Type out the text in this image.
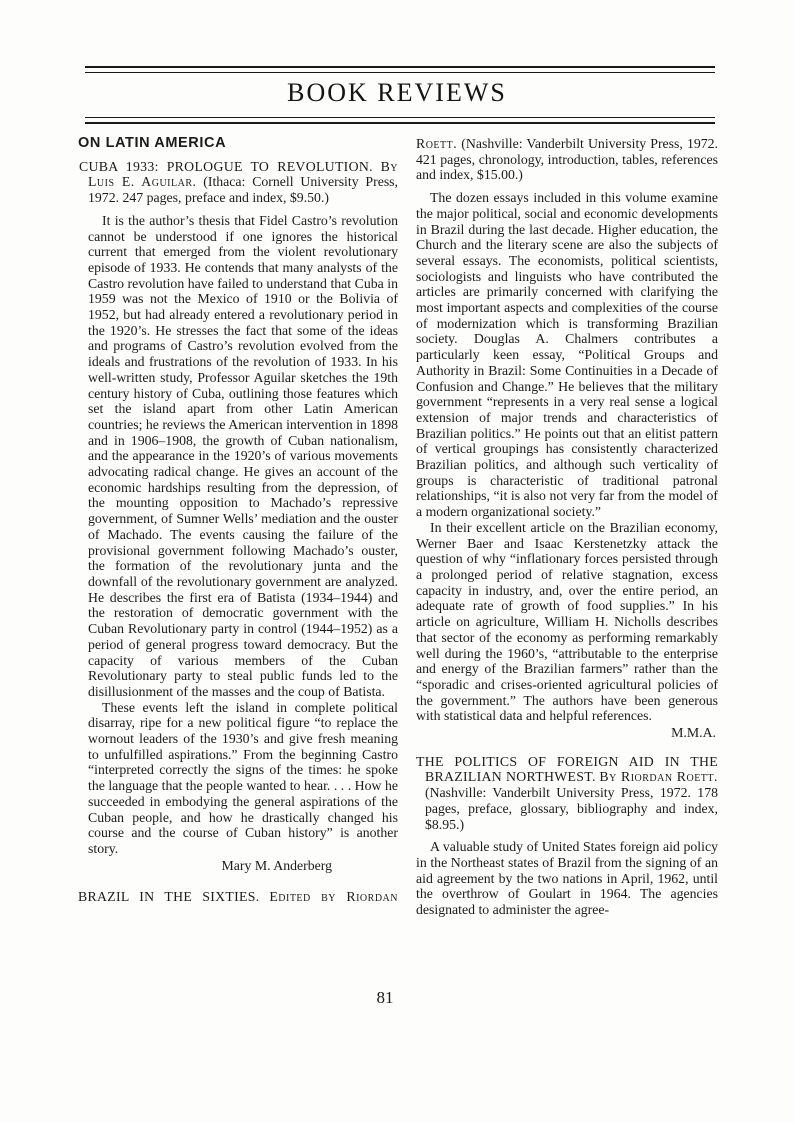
BOOK REVIEWS
ON LATIN AMERICA

CUBA 1933: PROLOGUE TO REVOLUTION. By Luis E. Aguilar. (Ithaca: Cornell University Press, 1972. 247 pages, preface and index, $9.50.)

It is the author’s thesis that Fidel Castro’s revolution cannot be understood if one ignores the historical current that emerged from the violent revolutionary episode of 1933. He contends that many analysts of the Castro revolution have failed to understand that Cuba in 1959 was not the Mexico of 1910 or the Bolivia of 1952, but had already entered a revolutionary period in the 1920’s. He stresses the fact that some of the ideas and programs of Castro’s revolution evolved from the ideals and frustrations of the revolution of 1933. In his well-written study, Professor Aguilar sketches the 19th century history of Cuba, outlining those features which set the island apart from other Latin American countries; he reviews the American intervention in 1898 and in 1906–1908, the growth of Cuban nationalism, and the appearance in the 1920’s of various movements advocating radical change. He gives an account of the economic hardships resulting from the depression, of the mounting opposition to Machado’s repressive government, of Sumner Wells’ mediation and the ouster of Machado. The events causing the failure of the provisional government following Machado’s ouster, the formation of the revolutionary junta and the downfall of the revolutionary government are analyzed. He describes the first era of Batista (1934–1944) and the restoration of democratic government with the Cuban Revolutionary party in control (1944–1952) as a period of general progress toward democracy. But the capacity of various members of the Cuban Revolutionary party to steal public funds led to the disillusionment of the masses and the coup of Batista.

These events left the island in complete political disarray, ripe for a new political figure “to replace the wornout leaders of the 1930’s and give fresh meaning to unfulfilled aspirations.” From the beginning Castro “interpreted correctly the signs of the times: he spoke the language that the people wanted to hear. . . . How he succeeded in embodying the general aspirations of the Cuban people, and how he drastically changed his course and the course of Cuban history” is another story.

Mary M. Anderberg

BRAZIL IN THE SIXTIES. Edited by Riordan

Roett. (Nashville: Vanderbilt University Press, 1972. 421 pages, chronology, introduction, tables, references and index, $15.00.)

The dozen essays included in this volume examine the major political, social and economic developments in Brazil during the last decade. Higher education, the Church and the literary scene are also the subjects of several essays. The economists, political scientists, sociologists and linguists who have contributed the articles are primarily concerned with clarifying the most important aspects and complexities of the course of modernization which is transforming Brazilian society. Douglas A. Chalmers contributes a particularly keen essay, “Political Groups and Authority in Brazil: Some Continuities in a Decade of Confusion and Change.” He believes that the military government “represents in a very real sense a logical extension of major trends and characteristics of Brazilian politics.” He points out that an elitist pattern of vertical groupings has consistently characterized Brazilian politics, and although such verticality of groups is characteristic of traditional patronal relationships, “it is also not very far from the model of a modern organizational society.”

In their excellent article on the Brazilian economy, Werner Baer and Isaac Kerstenetzky attack the question of why “inflationary forces persisted through a prolonged period of relative stagnation, excess capacity in industry, and, over the entire period, an adequate rate of growth of food supplies.” In his article on agriculture, William H. Nicholls describes that sector of the economy as performing remarkably well during the 1960’s, “attributable to the enterprise and energy of the Brazilian farmers” rather than the “sporadic and crises-oriented agricultural policies of the government.” The authors have been generous with statistical data and helpful references.

M.M.A.

THE POLITICS OF FOREIGN AID IN THE BRAZILIAN NORTHWEST. By Riordan Roett. (Nashville: Vanderbilt University Press, 1972. 178 pages, preface, glossary, bibliography and index, $8.95.)

A valuable study of United States foreign aid policy in the Northeast states of Brazil from the signing of an aid agreement by the two nations in April, 1962, until the overthrow of Goulart in 1964. The agencies designated to administer the agree-

81
